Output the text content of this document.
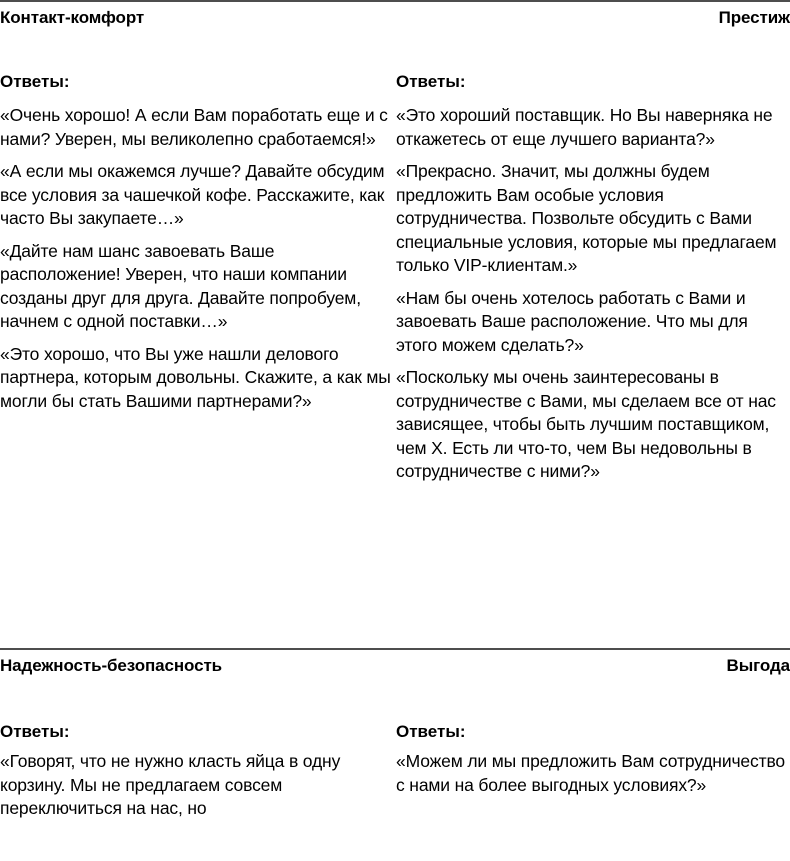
Контакт-комфорт
Ответы:

«Очень хорошо! А если Вам поработать еще и с нами? Уверен, мы великолепно сработаемся!»

«А если мы окажемся лучше? Давайте обсудим все условия за чашечкой кофе. Расскажите, как часто Вы закупаете…»

«Дайте нам шанс завоевать Ваше расположение! Уверен, что наши компании созданы друг для друга. Давайте попробуем, начнем с одной поставки…»

«Это хорошо, что Вы уже нашли делового партнера, которым довольны. Скажите, а как мы могли бы стать Вашими партнерами?»

Престиж
Ответы:

«Это хороший поставщик. Но Вы наверняка не откажетесь от еще лучшего варианта?»

«Прекрасно. Значит, мы должны будем предложить Вам особые условия сотрудничества. Позвольте обсудить с Вами специальные условия, которые мы предлагаем только VIP-клиентам.»

«Нам бы очень хотелось работать с Вами и завоевать Ваше расположение. Что мы для этого можем сделать?»

«Поскольку мы очень заинтересованы в сотрудничестве с Вами, мы сделаем все от нас зависящее, чтобы быть лучшим поставщиком, чем Х. Есть ли что-то, чем Вы недовольны в сотрудничестве с ними?»

Надежность-безопасность
Ответы:

«Говорят, что не нужно класть яйца в одну корзину. Мы не предлагаем совсем переключиться на нас, но

Выгода
Ответы:

«Можем ли мы предложить Вам сотрудничество с нами на более выгодных условиях?»
